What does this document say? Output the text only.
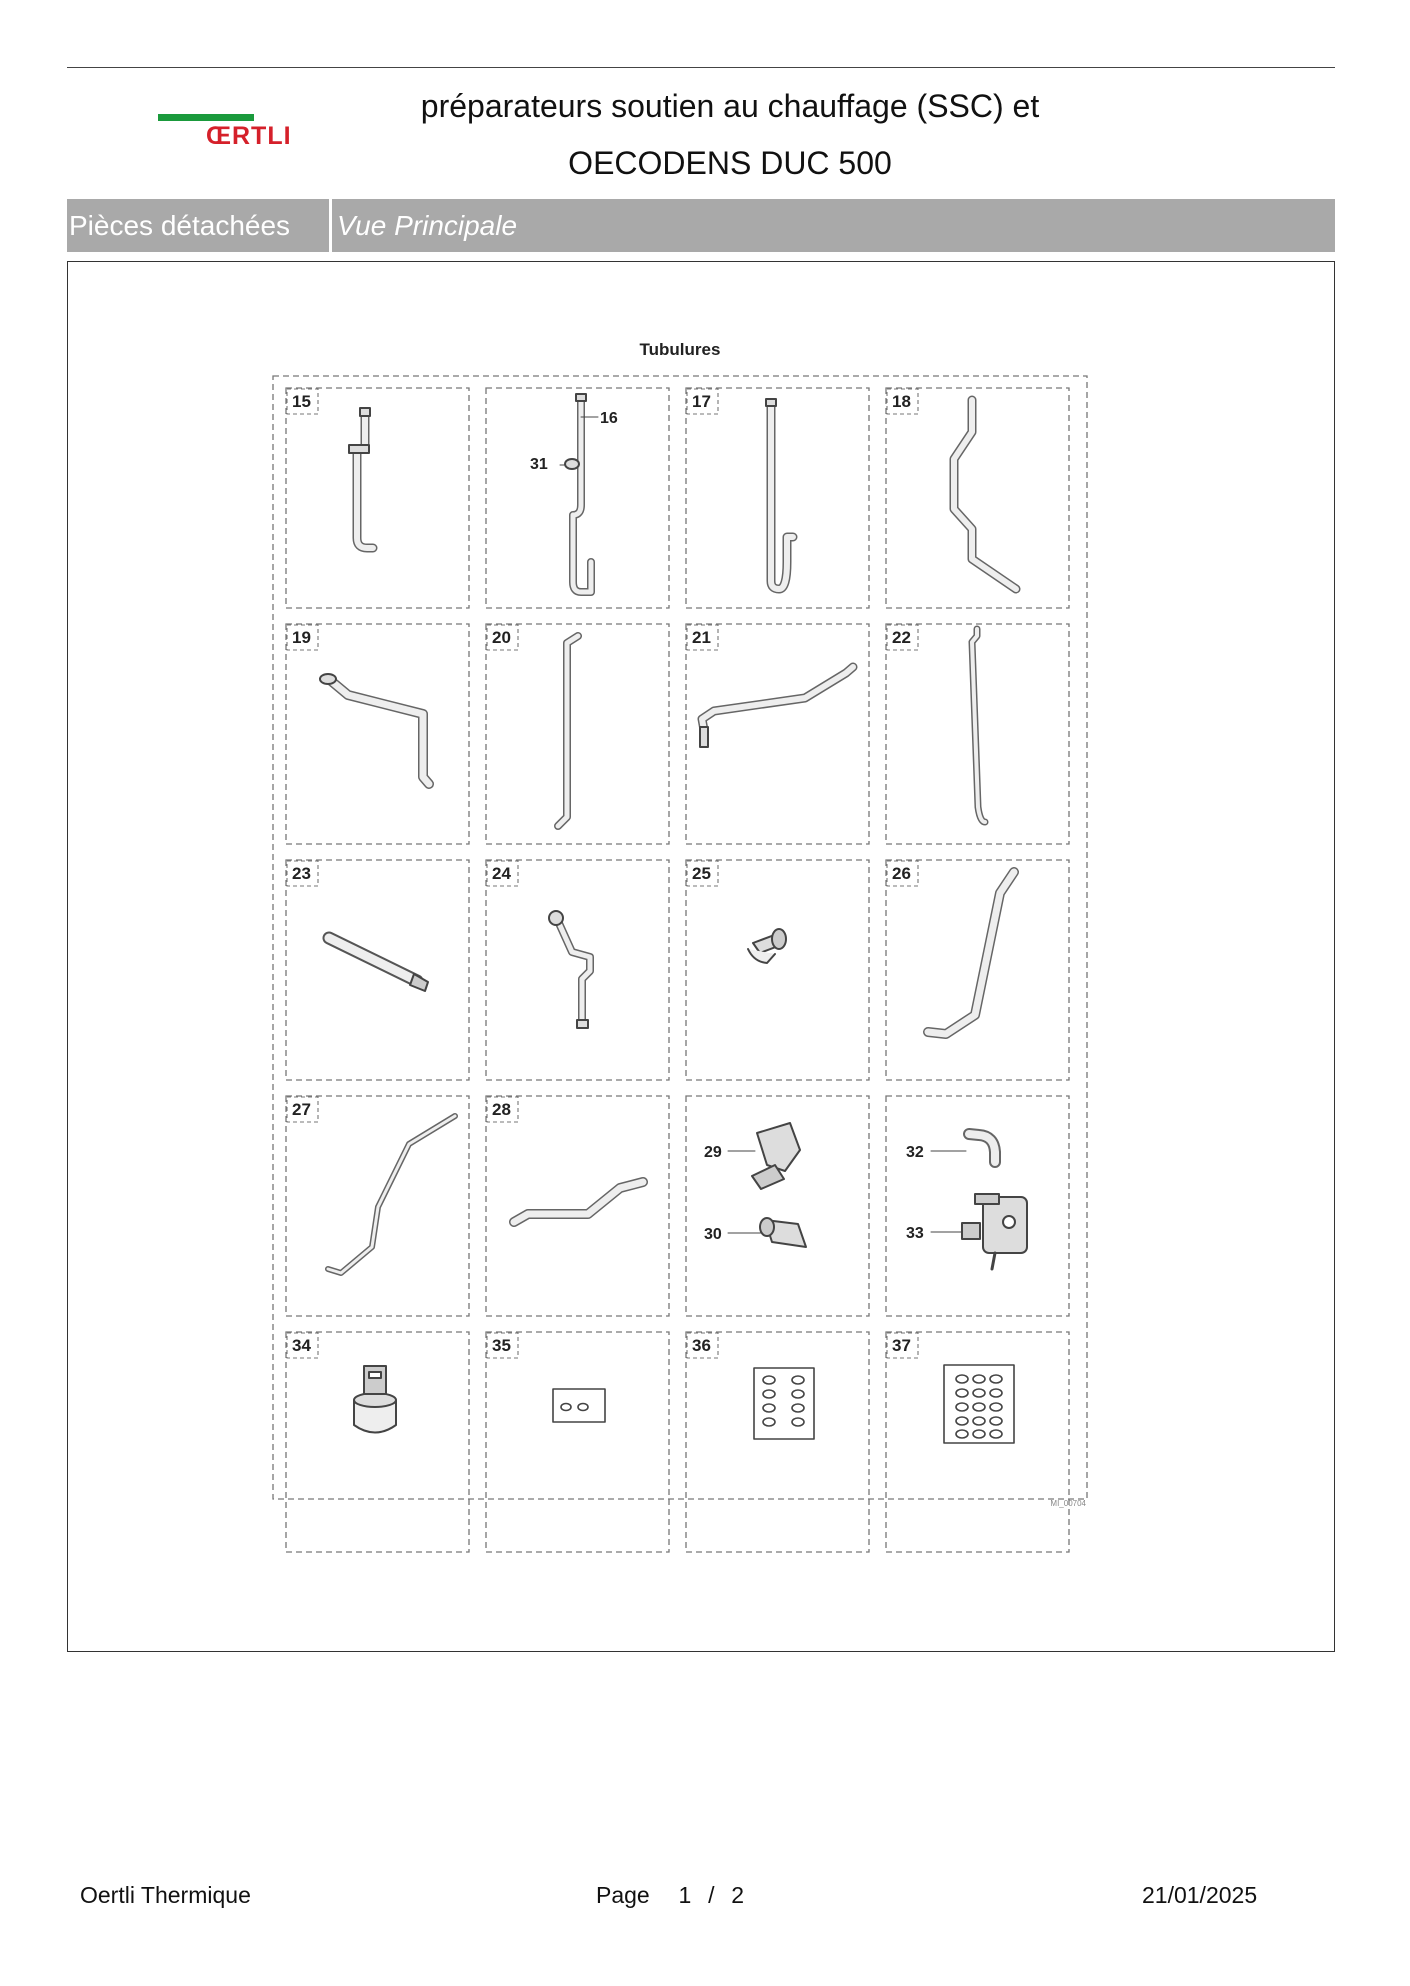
ŒRTLI
préparateurs soutien au chauffage (SSC) et
OECODENS DUC 500
Pièces détachées	Vue Principale
Tubulures
15	17	18
19	20	21	22
23	24	25	26
27	28
34	35	36	37
16
31
29
30
32
33
MI_00704
Oertli Thermique	Page 1 / 2	21/01/2025
